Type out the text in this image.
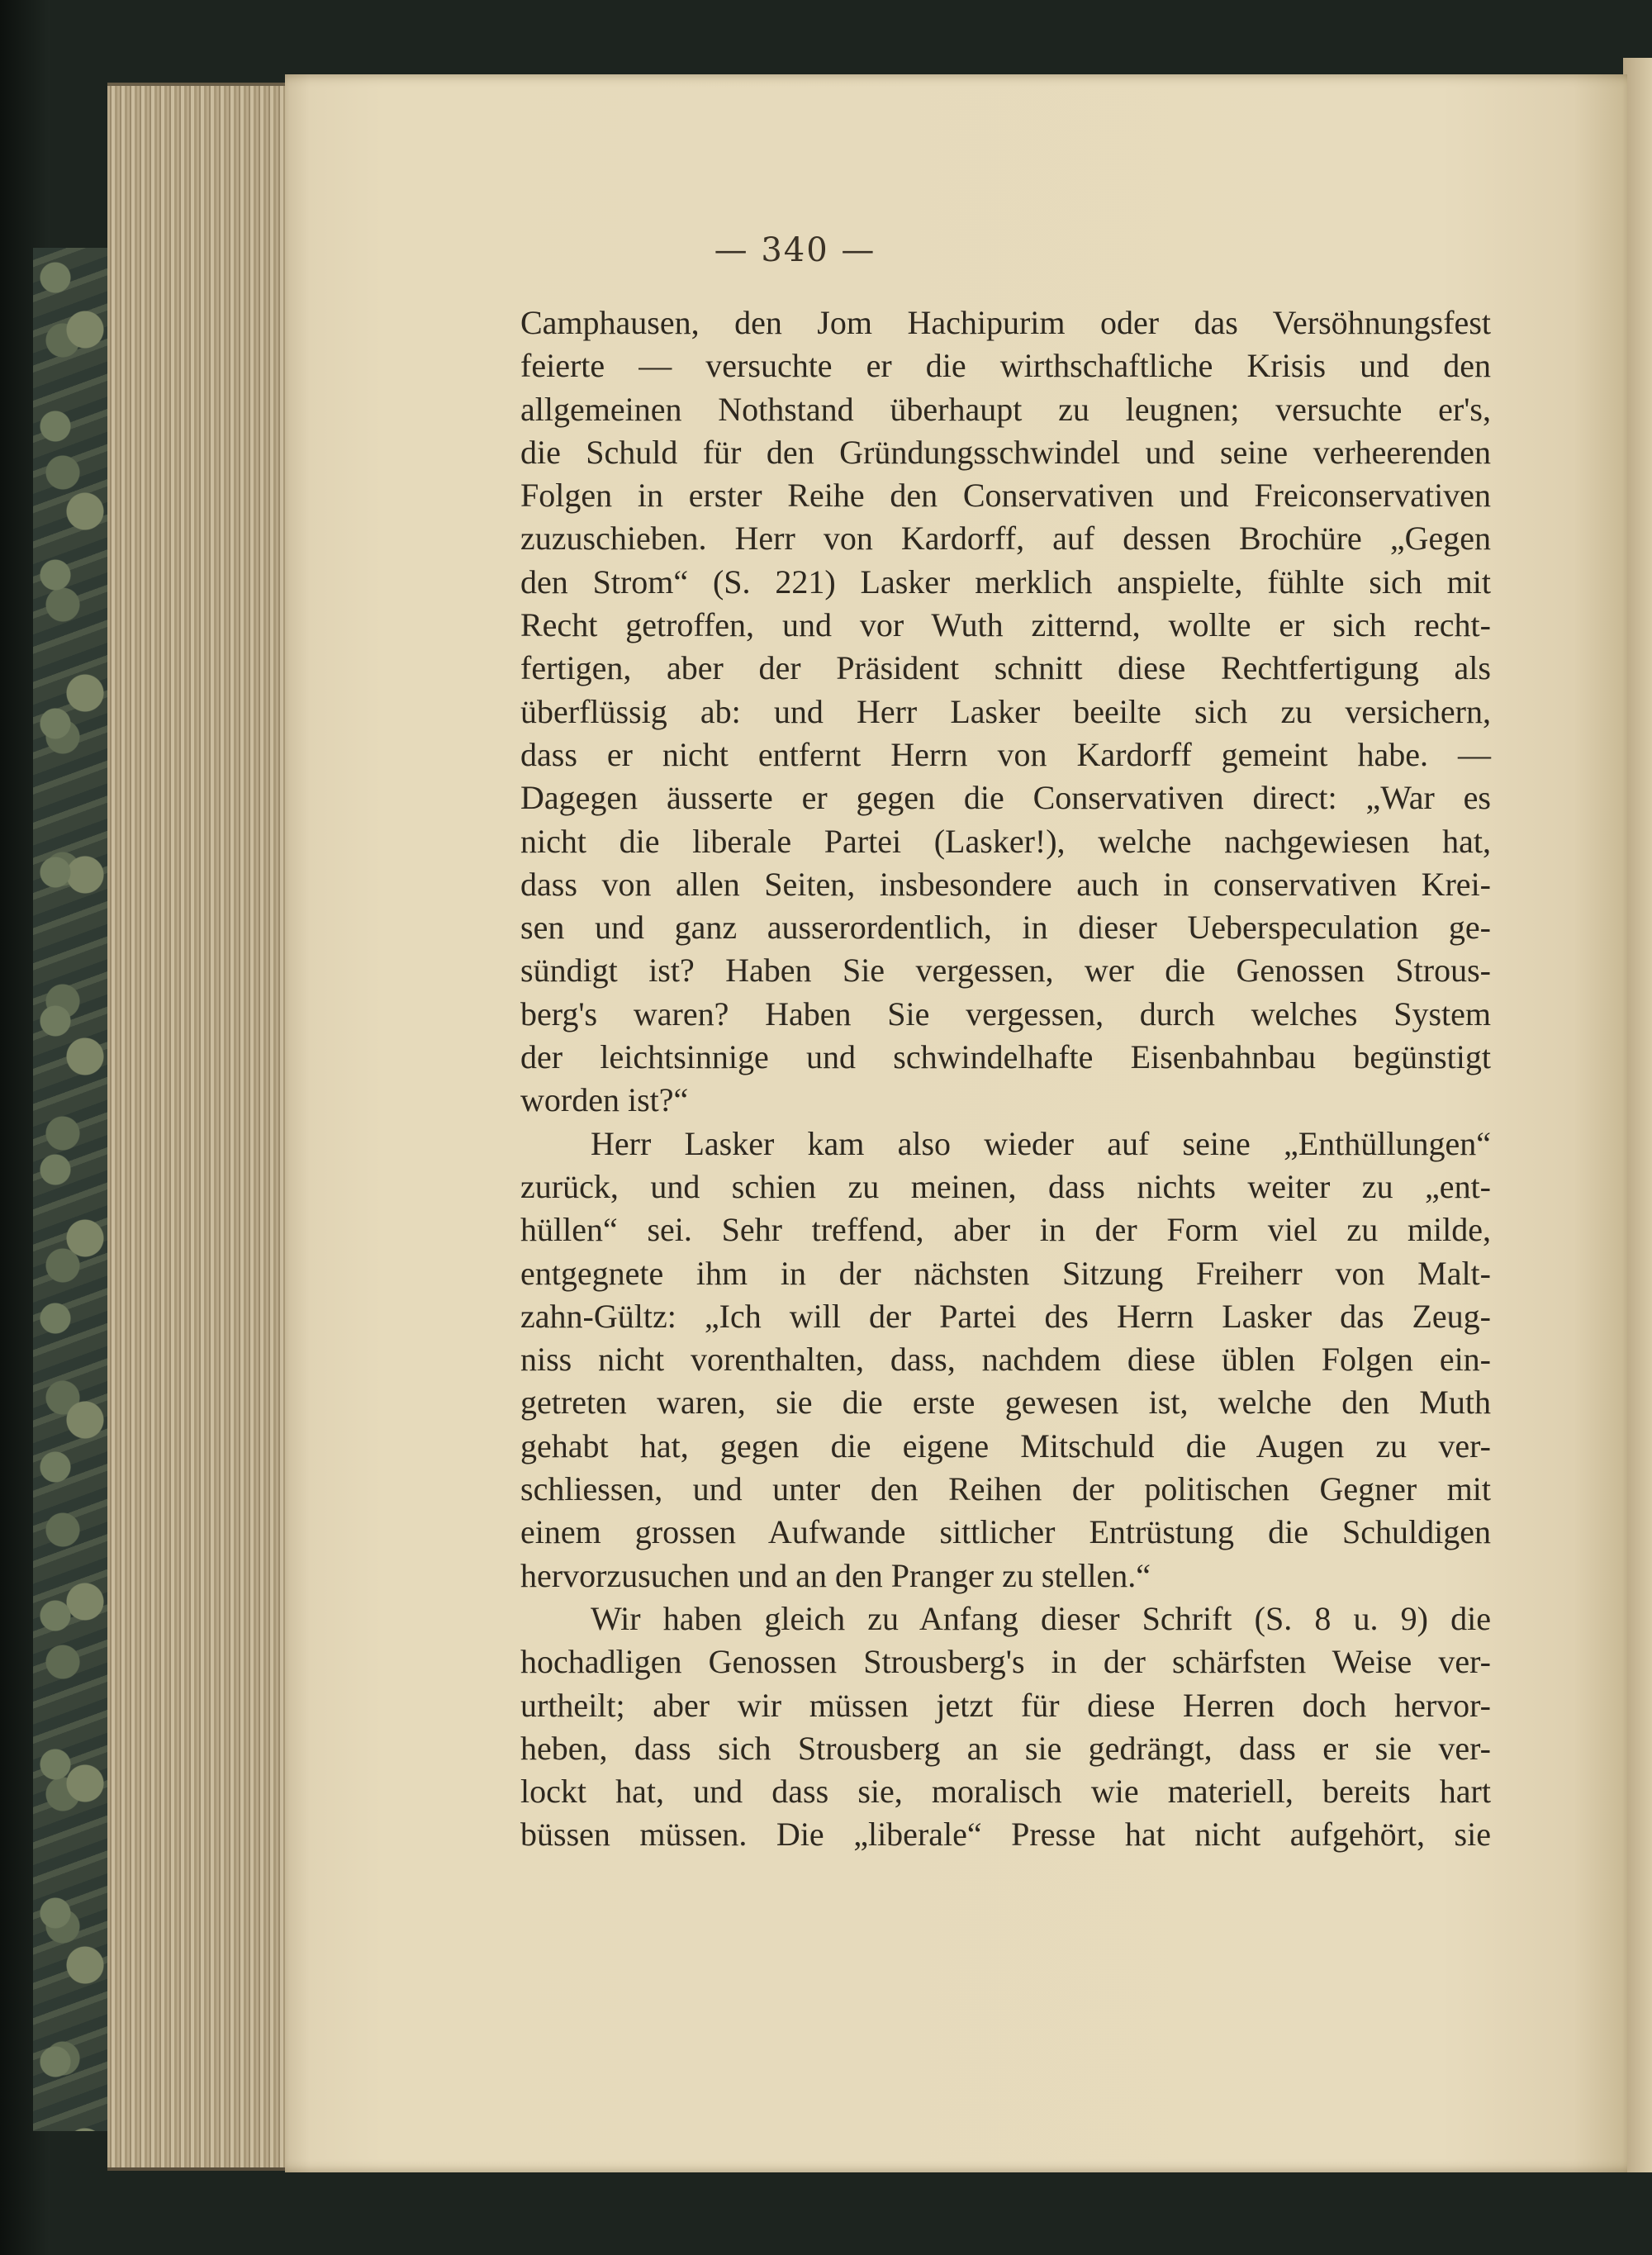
— 340 —
Camphausen, den Jom Hachipurim oder das Versöhnungsfest
feierte — versuchte er die wirthschaftliche Krisis und den
allgemeinen Nothstand überhaupt zu leugnen; versuchte er's,
die Schuld für den Gründungsschwindel und seine verheerenden
Folgen in erster Reihe den Conservativen und Freiconservativen
zuzuschieben. Herr von Kardorff, auf dessen Brochüre „Gegen
den Strom“ (S. 221) Lasker merklich anspielte, fühlte sich mit
Recht getroffen, und vor Wuth zitternd, wollte er sich recht-
fertigen, aber der Präsident schnitt diese Rechtfertigung als
überflüssig ab: und Herr Lasker beeilte sich zu versichern,
dass er nicht entfernt Herrn von Kardorff gemeint habe. —
Dagegen äusserte er gegen die Conservativen direct: „War es
nicht die liberale Partei (Lasker!), welche nachgewiesen hat,
dass von allen Seiten, insbesondere auch in conservativen Krei-
sen und ganz ausserordentlich, in dieser Ueberspeculation ge-
sündigt ist? Haben Sie vergessen, wer die Genossen Strous-
berg's waren? Haben Sie vergessen, durch welches System
der leichtsinnige und schwindelhafte Eisenbahnbau begünstigt
worden ist?“
Herr Lasker kam also wieder auf seine „Enthüllungen“
zurück, und schien zu meinen, dass nichts weiter zu „ent-
hüllen“ sei. Sehr treffend, aber in der Form viel zu milde,
entgegnete ihm in der nächsten Sitzung Freiherr von Malt-
zahn-Gültz: „Ich will der Partei des Herrn Lasker das Zeug-
niss nicht vorenthalten, dass, nachdem diese üblen Folgen ein-
getreten waren, sie die erste gewesen ist, welche den Muth
gehabt hat, gegen die eigene Mitschuld die Augen zu ver-
schliessen, und unter den Reihen der politischen Gegner mit
einem grossen Aufwande sittlicher Entrüstung die Schuldigen
hervorzusuchen und an den Pranger zu stellen.“
Wir haben gleich zu Anfang dieser Schrift (S. 8 u. 9) die
hochadligen Genossen Strousberg's in der schärfsten Weise ver-
urtheilt; aber wir müssen jetzt für diese Herren doch hervor-
heben, dass sich Strousberg an sie gedrängt, dass er sie ver-
lockt hat, und dass sie, moralisch wie materiell, bereits hart
büssen müssen. Die „liberale“ Presse hat nicht aufgehört, sie
